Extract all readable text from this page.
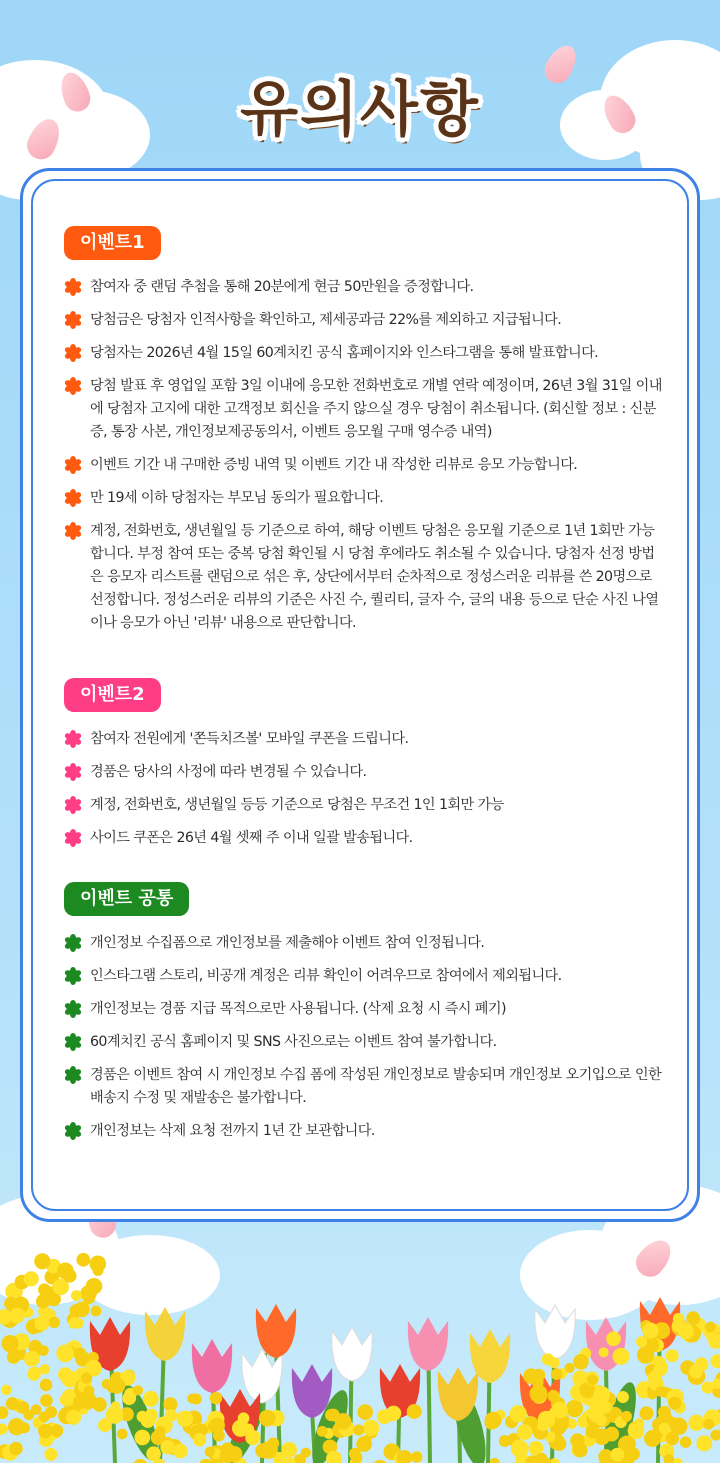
유의사항
이벤트1
참여자 중 랜덤 추첨을 통해 20분에게 현금 50만원을 증정합니다.
당첨금은 당첨자 인적사항을 확인하고, 제세공과금 22%를 제외하고 지급됩니다.
당첨자는 2026년 4월 15일 60계치킨 공식 홈페이지와 인스타그램을 통해 발표합니다.
당첨 발표 후 영업일 포함 3일 이내에 응모한 전화번호로 개별 연락 예정이며, 26년 3월 31일 이내에 당첨자 고지에 대한 고객정보 회신을 주지 않으실 경우 당첨이 취소됩니다. (회신할 정보 : 신분증, 통장 사본, 개인정보제공동의서, 이벤트 응모월 구매 영수증 내역)
이벤트 기간 내 구매한 증빙 내역 및 이벤트 기간 내 작성한 리뷰로 응모 가능합니다.
만 19세 이하 당첨자는 부모님 동의가 필요합니다.
계정, 전화번호, 생년월일 등 기준으로 하여, 해당 이벤트 당첨은 응모월 기준으로 1년 1회만 가능합니다. 부정 참여 또는 중복 당첨 확인될 시 당첨 후에라도 취소될 수 있습니다. 당첨자 선정 방법은 응모자 리스트를 랜덤으로 섞은 후, 상단에서부터 순차적으로 정성스러운 리뷰를 쓴 20명으로 선정합니다. 정성스러운 리뷰의 기준은 사진 수, 퀄리티, 글자 수, 글의 내용 등으로 단순 사진 나열이나 응모가 아닌 '리뷰' 내용으로 판단합니다.
이벤트2
참여자 전원에게 '쫀득치즈볼' 모바일 쿠폰을 드립니다.
경품은 당사의 사정에 따라 변경될 수 있습니다.
계정, 전화번호, 생년월일 등등 기준으로 당첨은 무조건 1인 1회만 가능
사이드 쿠폰은 26년 4월 셋째 주 이내 일괄 발송됩니다.
이벤트 공통
개인정보 수집폼으로 개인정보를 제출해야 이벤트 참여 인정됩니다.
인스타그램 스토리, 비공개 계정은 리뷰 확인이 어려우므로 참여에서 제외됩니다.
개인정보는 경품 지급 목적으로만 사용됩니다. (삭제 요청 시 즉시 폐기)
60계치킨 공식 홈페이지 및 SNS 사진으로는 이벤트 참여 불가합니다.
경품은 이벤트 참여 시 개인정보 수집 폼에 작성된 개인정보로 발송되며 개인정보 오기입으로 인한 배송지 수정 및 재발송은 불가합니다.
개인정보는 삭제 요청 전까지 1년 간 보관합니다.
